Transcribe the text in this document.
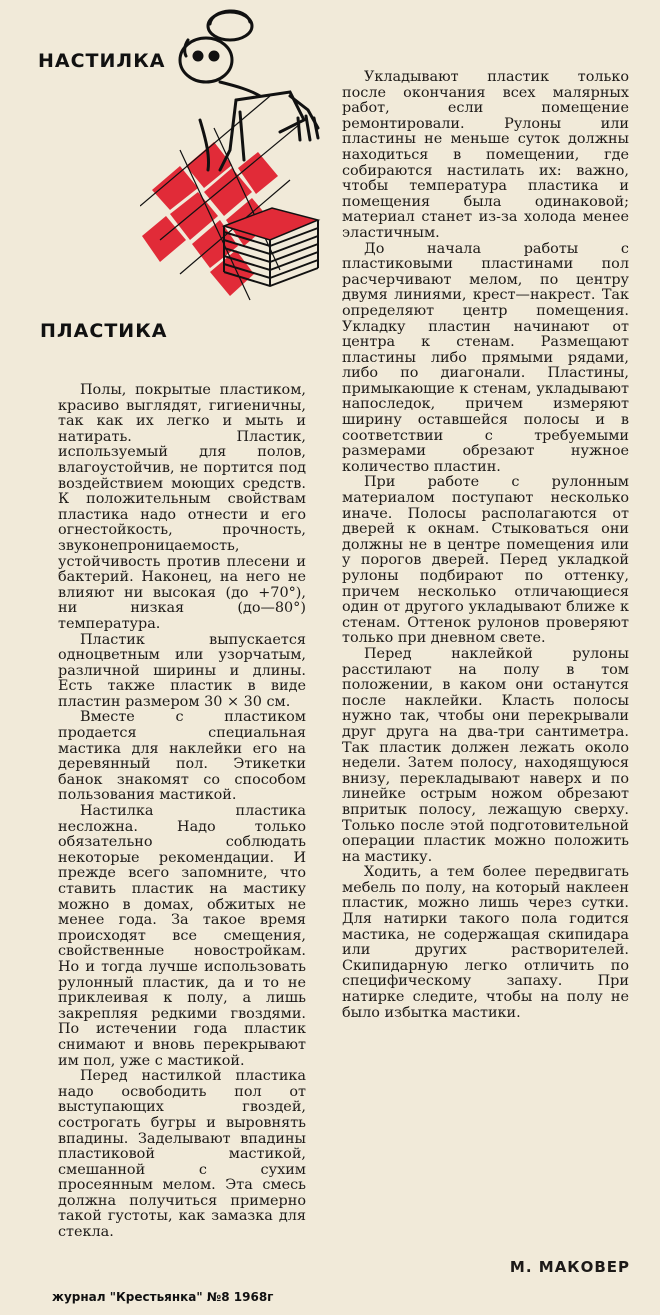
НАСТИЛКА
ПЛАСТИКА

Полы, покрытые пластиком, красиво выглядят, гигиеничны, так как их легко и мыть и натирать. Пластик, используемый для полов, влагоустойчив, не портится под воздействием моющих средств. К положительным свойствам пластика надо отнести и его огнестойкость, прочность, звуконепроницаемость, устойчивость против плесени и бактерий. Наконец, на него не влияют ни высокая (до +70°), ни низкая (до—80°) температура.

Пластик выпускается одноцветным или узорчатым, различной ширины и длины. Есть также пластик в виде пластин размером 30 × 30 см.

Вместе с пластиком продается специальная мастика для наклейки его на деревянный пол. Этикетки банок знакомят со способом пользования мастикой.

Настилка пластика несложна. Надо только обязательно соблюдать некоторые рекомендации. И прежде всего запомните, что ставить пластик на мастику можно в домах, обжитых не менее года. За такое время происходят все смещения, свойственные новостройкам. Но и тогда лучше использовать рулонный пластик, да и то не приклеивая к полу, а лишь закрепляя редкими гвоздями. По истечении года пластик снимают и вновь перекрывают им пол, уже с мастикой.

Перед настилкой пластика надо освободить пол от выступающих гвоздей, сострогать бугры и выровнять впадины. Заделывают впадины пластиковой мастикой, смешанной с сухим просеянным мелом. Эта смесь должна получиться примерно такой густоты, как замазка для стекла.

Укладывают пластик только после окончания всех малярных работ, если помещение ремонтировали. Рулоны или пластины не меньше суток должны находиться в помещении, где собираются настилать их: важно, чтобы температура пластика и помещения была одинаковой; материал станет из-за холода менее эластичным.

До начала работы с пластиковыми пластинами пол расчерчивают мелом, по центру двумя линиями, крест—накрест. Так определяют центр помещения. Укладку пластин начинают от центра к стенам. Размещают пластины либо прямыми рядами, либо по диагонали. Пластины, примыкающие к стенам, укладывают напоследок, причем измеряют ширину оставшейся полосы и в соответствии с требуемыми размерами обрезают нужное количество пластин.

При работе с рулонным материалом поступают несколько иначе. Полосы располагаются от дверей к окнам. Стыковаться они должны не в центре помещения или у порогов дверей. Перед укладкой рулоны подбирают по оттенку, причем несколько отличающиеся один от другого укладывают ближе к стенам. Оттенок рулонов проверяют только при дневном свете.

Перед наклейкой рулоны расстилают на полу в том положении, в каком они останутся после наклейки. Класть полосы нужно так, чтобы они перекрывали друг друга на два-три сантиметра. Так пластик должен лежать около недели. Затем полосу, находящуюся внизу, перекладывают наверх и по линейке острым ножом обрезают впритык полосу, лежащую сверху. Только после этой подготовительной операции пластик можно положить на мастику.

Ходить, а тем более передвигать мебель по полу, на который наклеен пластик, можно лишь через сутки. Для натирки такого пола годится мастика, не содержащая скипидара или других растворителей. Скипидарную легко отличить по специфическому запаху. При натирке следите, чтобы на полу не было избытка мастики.

М. МАКОВЕР
журнал "Крестьянка" №8 1968г
